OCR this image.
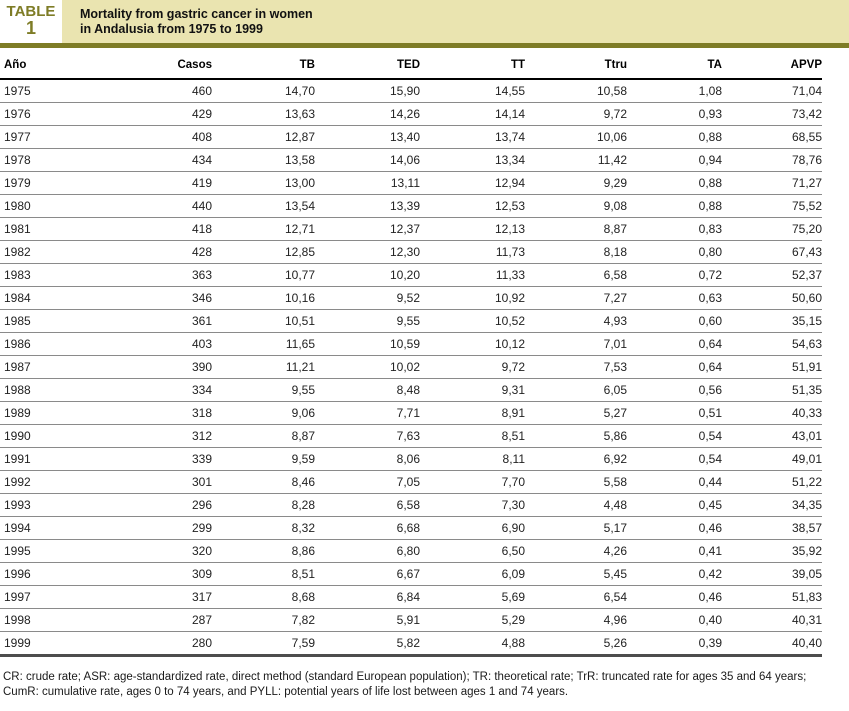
TABLE
1
Mortality from gastric cancer in women
in Andalusia from 1975 to 1999
Año	Casos	TB	TED	TT	Ttru	TA	APVP
1975	460	14,70	15,90	14,55	10,58	1,08	71,04
1976	429	13,63	14,26	14,14	9,72	0,93	73,42
1977	408	12,87	13,40	13,74	10,06	0,88	68,55
1978	434	13,58	14,06	13,34	11,42	0,94	78,76
1979	419	13,00	13,11	12,94	9,29	0,88	71,27
1980	440	13,54	13,39	12,53	9,08	0,88	75,52
1981	418	12,71	12,37	12,13	8,87	0,83	75,20
1982	428	12,85	12,30	11,73	8,18	0,80	67,43
1983	363	10,77	10,20	11,33	6,58	0,72	52,37
1984	346	10,16	9,52	10,92	7,27	0,63	50,60
1985	361	10,51	9,55	10,52	4,93	0,60	35,15
1986	403	11,65	10,59	10,12	7,01	0,64	54,63
1987	390	11,21	10,02	9,72	7,53	0,64	51,91
1988	334	9,55	8,48	9,31	6,05	0,56	51,35
1989	318	9,06	7,71	8,91	5,27	0,51	40,33
1990	312	8,87	7,63	8,51	5,86	0,54	43,01
1991	339	9,59	8,06	8,11	6,92	0,54	49,01
1992	301	8,46	7,05	7,70	5,58	0,44	51,22
1993	296	8,28	6,58	7,30	4,48	0,45	34,35
1994	299	8,32	6,68	6,90	5,17	0,46	38,57
1995	320	8,86	6,80	6,50	4,26	0,41	35,92
1996	309	8,51	6,67	6,09	5,45	0,42	39,05
1997	317	8,68	6,84	5,69	6,54	0,46	51,83
1998	287	7,82	5,91	5,29	4,96	0,40	40,31
1999	280	7,59	5,82	4,88	5,26	0,39	40,40
CR: crude rate; ASR: age-standardized rate, direct method (standard European population); TR: theoretical rate; TrR: truncated rate for ages 35 and 64 years; CumR: cumulative rate, ages 0 to 74 years, and PYLL: potential years of life lost between ages 1 and 74 years.
